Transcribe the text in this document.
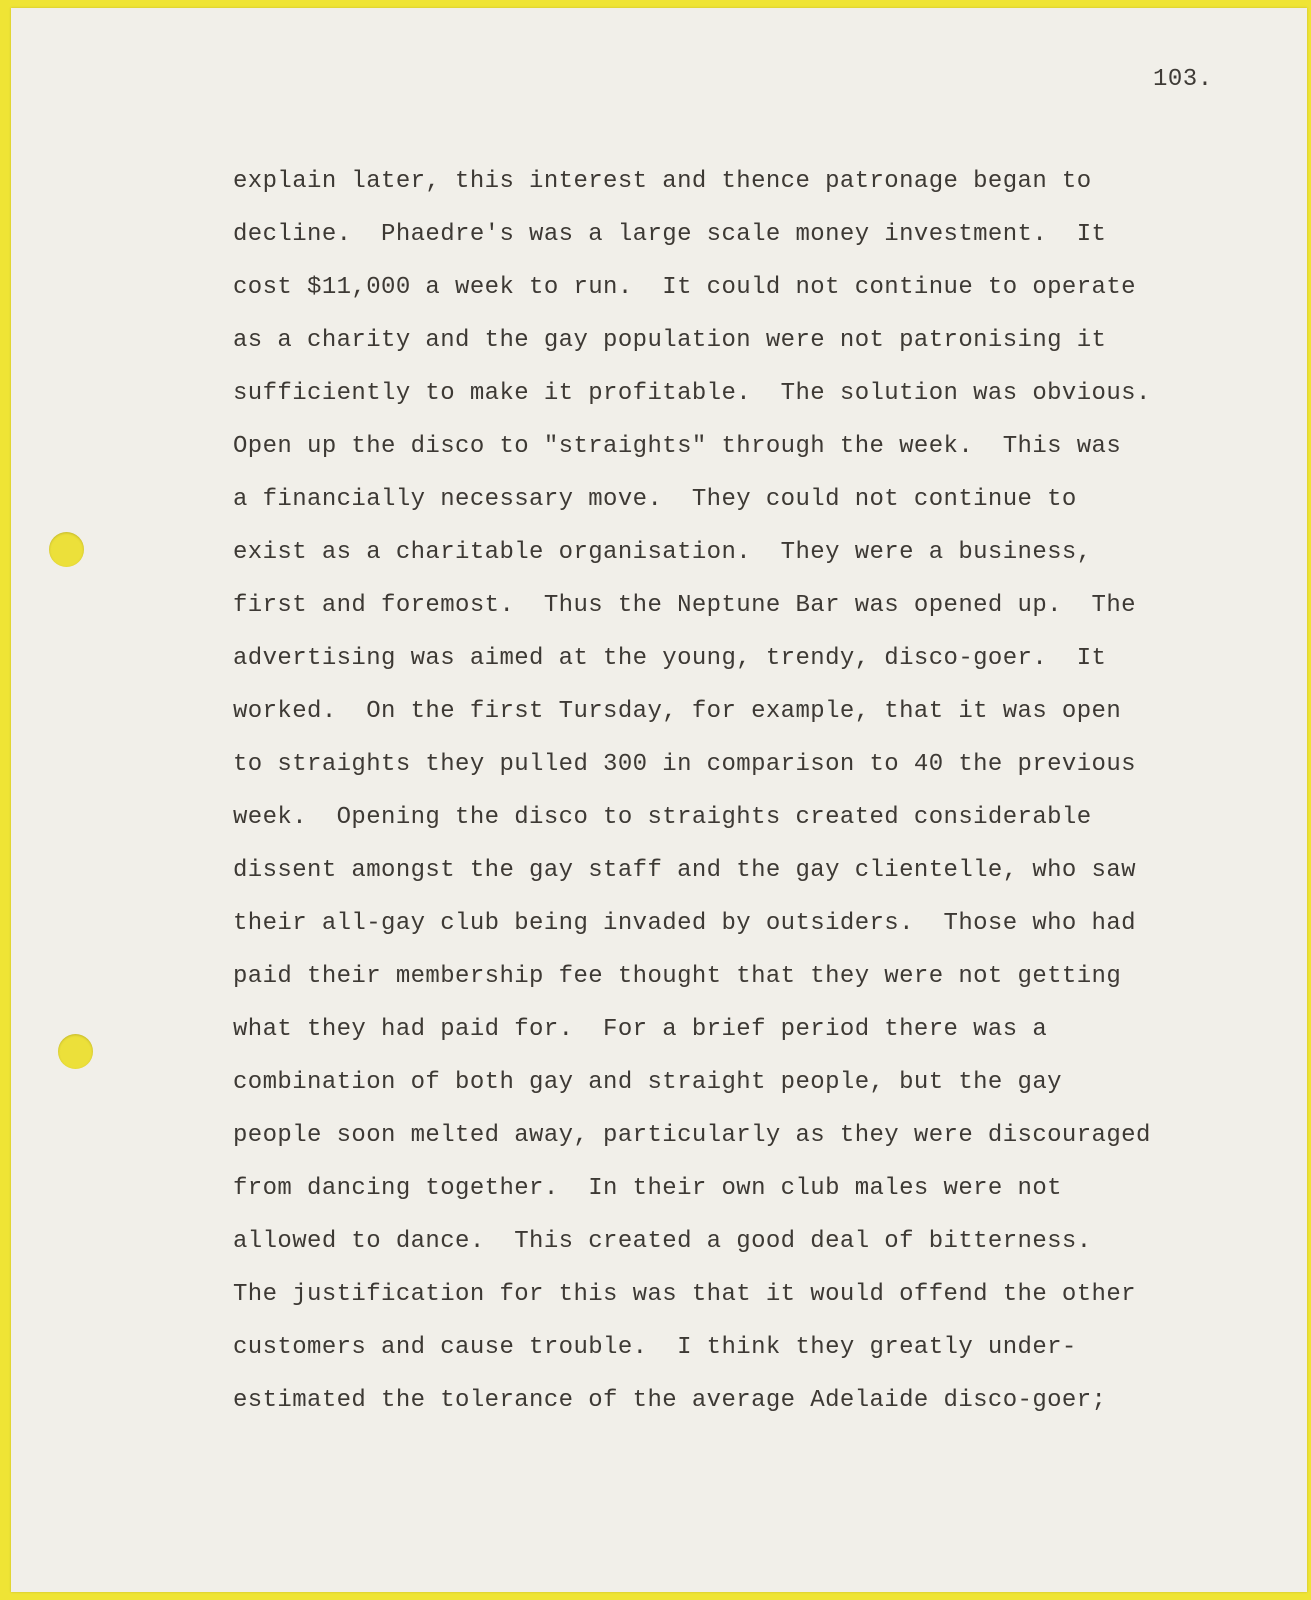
103.
explain later, this interest and thence patronage began to
decline.  Phaedre's was a large scale money investment.  It
cost $11,000 a week to run.  It could not continue to operate
as a charity and the gay population were not patronising it
sufficiently to make it profitable.  The solution was obvious.
Open up the disco to "straights" through the week.  This was
a financially necessary move.  They could not continue to
exist as a charitable organisation.  They were a business,
first and foremost.  Thus the Neptune Bar was opened up.  The
advertising was aimed at the young, trendy, disco-goer.  It
worked.  On the first Tursday, for example, that it was open
to straights they pulled 300 in comparison to 40 the previous
week.  Opening the disco to straights created considerable
dissent amongst the gay staff and the gay clientelle, who saw
their all-gay club being invaded by outsiders.  Those who had
paid their membership fee thought that they were not getting
what they had paid for.  For a brief period there was a
combination of both gay and straight people, but the gay
people soon melted away, particularly as they were discouraged
from dancing together.  In their own club males were not
allowed to dance.  This created a good deal of bitterness.
The justification for this was that it would offend the other
customers and cause trouble.  I think they greatly under-
estimated the tolerance of the average Adelaide disco-goer;
